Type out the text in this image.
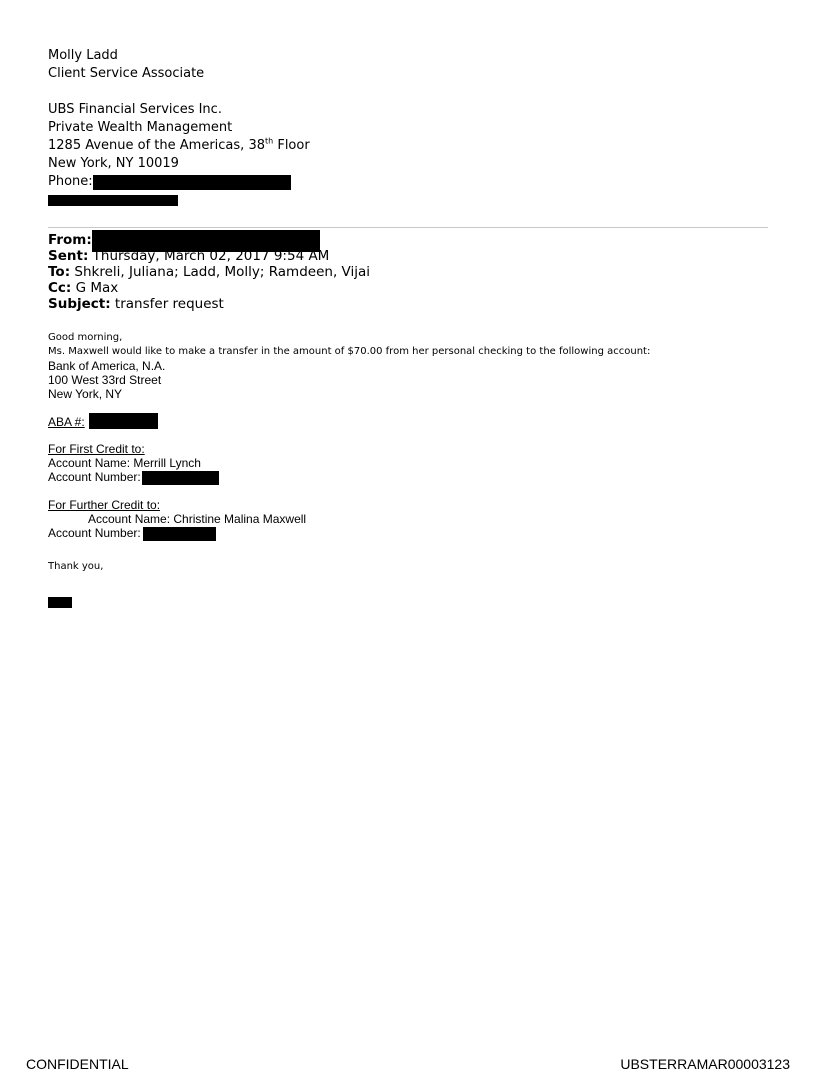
Molly Ladd
Client Service Associate
UBS Financial Services Inc.
Private Wealth Management
1285 Avenue of the Americas, 38th Floor
New York, NY 10019
Phone:
From:
Sent: Thursday, March 02, 2017 9:54 AM
To: Shkreli, Juliana; Ladd, Molly; Ramdeen, Vijai
Cc: G Max
Subject: transfer request
Good morning,
Ms. Maxwell would like to make a transfer in the amount of $70.00 from her personal checking to the following account:
Bank of America, N.A.
100 West 33rd Street
New York, NY
ABA #:
For First Credit to:
Account Name: Merrill Lynch
Account Number:
For Further Credit to:
Account Name: Christine Malina Maxwell
Account Number:
Thank you,
CONFIDENTIAL	UBSTERRAMAR00003123
